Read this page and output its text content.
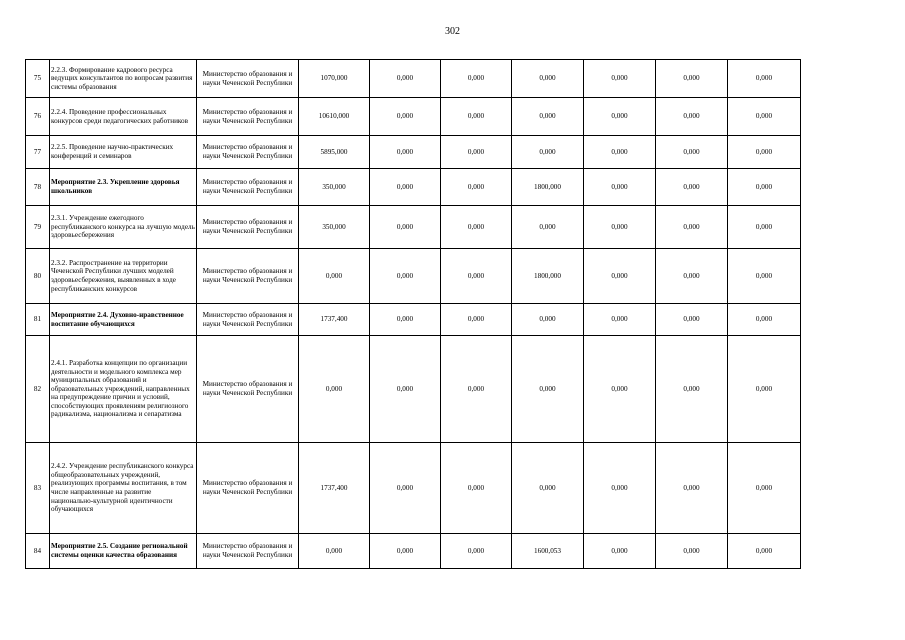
302
75	2.2.3. Формирование кадрового ресурса ведущих консультантов по вопросам развития системы образования	Министерство образования и науки Чеченской Республики	1070,000	0,000	0,000	0,000	0,000	0,000	0,000
76	2.2.4. Проведение профессиональных конкурсов среди педагогических работников	Министерство образования и науки Чеченской Республики	10610,000	0,000	0,000	0,000	0,000	0,000	0,000
77	2.2.5. Проведение научно-практических конференций и семинаров	Министерство образования и науки Чеченской Республики	5895,000	0,000	0,000	0,000	0,000	0,000	0,000
78	Мероприятие 2.3. Укрепление здоровья школьников	Министерство образования и науки Чеченской Республики	350,000	0,000	0,000	1800,000	0,000	0,000	0,000
79	2.3.1. Учреждение ежегодного республиканского конкурса на лучшую модель здоровьесбережения	Министерство образования и науки Чеченской Республики	350,000	0,000	0,000	0,000	0,000	0,000	0,000
80	2.3.2. Распространение на территории Чеченской Республики лучших моделей здоровьесбережения, выявленных в ходе республиканских конкурсов	Министерство образования и науки Чеченской Республики	0,000	0,000	0,000	1800,000	0,000	0,000	0,000
81	Мероприятие 2.4. Духовно-нравственное воспитание обучающихся	Министерство образования и науки Чеченской Республики	1737,400	0,000	0,000	0,000	0,000	0,000	0,000
82	2.4.1. Разработка концепции по организации деятельности и модельного комплекса мер муниципальных образований и образовательных учреждений, направленных на предупреждение причин и условий, способствующих проявлениям религиозного радикализма, национализма и сепаратизма	Министерство образования и науки Чеченской Республики	0,000	0,000	0,000	0,000	0,000	0,000	0,000
83	2.4.2. Учреждение республиканского конкурса общеобразовательных учреждений, реализующих программы воспитания, в том числе направленные на развитие национально-культурной идентичности обучающихся	Министерство образования и науки Чеченской Республики	1737,400	0,000	0,000	0,000	0,000	0,000	0,000
84	Мероприятие 2.5. Создание региональной системы оценки качества образования	Министерство образования и науки Чеченской Республики	0,000	0,000	0,000	1600,053	0,000	0,000	0,000
